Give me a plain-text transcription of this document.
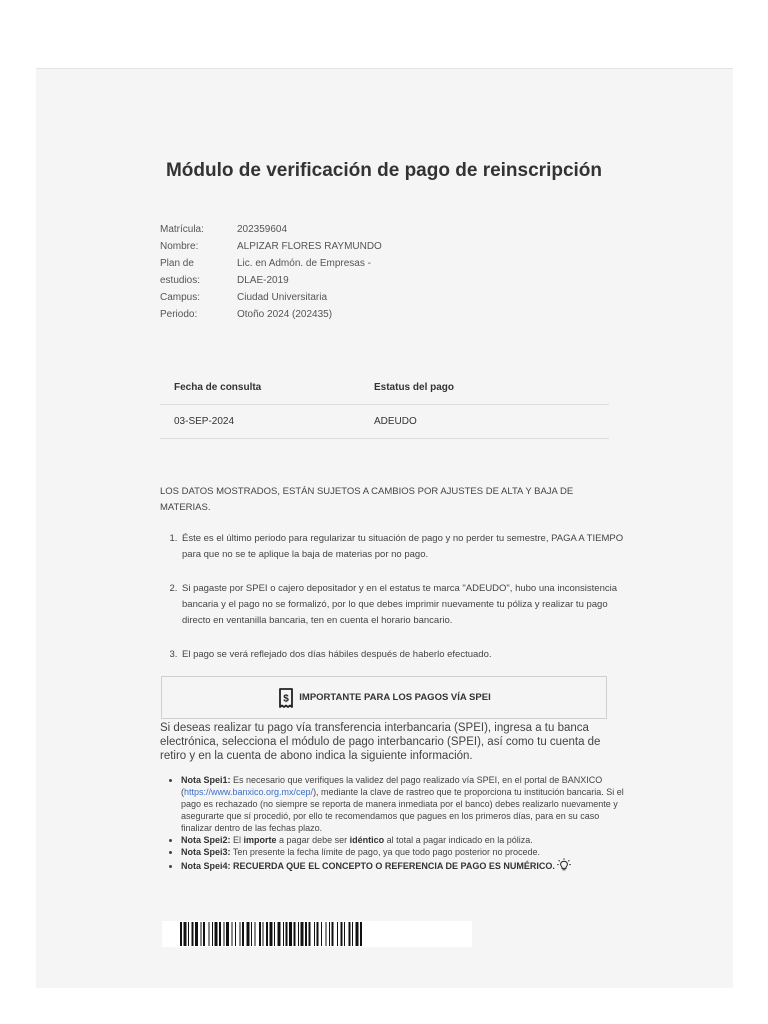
Módulo de verificación de pago de reinscripción
Matrícula:	202359604
Nombre:	ALPIZAR FLORES RAYMUNDO
Plan de	Lic. en Admón. de Empresas -
estudios:	DLAE-2019
Campus:	Ciudad Universitaria
Periodo:	Otoño 2024 (202435)
Fecha de consulta	Estatus del pago
03-SEP-2024	ADEUDO
LOS DATOS MOSTRADOS, ESTÁN SUJETOS A CAMBIOS POR AJUSTES DE ALTA Y BAJA DE MATERIAS.
1. Éste es el último periodo para regularizar tu situación de pago y no perder tu semestre, PAGA A TIEMPO para que no se te aplique la baja de materias por no pago.
2. Si pagaste por SPEI o cajero depositador y en el estatus te marca "ADEUDO", hubo una inconsistencia bancaria y el pago no se formalizó, por lo que debes imprimir nuevamente tu póliza y realizar tu pago directo en ventanilla bancaria, ten en cuenta el horario bancario.
3. El pago se verá reflejado dos días hábiles después de haberlo efectuado.
$ IMPORTANTE PARA LOS PAGOS VÍA SPEI
Si deseas realizar tu pago vía transferencia interbancaria (SPEI), ingresa a tu banca electrónica, selecciona el módulo de pago interbancario (SPEI), así como tu cuenta de retiro y en la cuenta de abono indica la siguiente información.
• Nota Spei1: Es necesario que verifiques la validez del pago realizado vía SPEI, en el portal de BANXICO (https://www.banxico.org.mx/cep/), mediante la clave de rastreo que te proporciona tu institución bancaria. Si el pago es rechazado (no siempre se reporta de manera inmediata por el banco) debes realizarlo nuevamente y asegurarte que sí procedió, por ello te recomendamos que pagues en los primeros días, para en su caso finalizar dentro de las fechas plazo.
• Nota Spei2: El importe a pagar debe ser idéntico al total a pagar indicado en la póliza.
• Nota Spei3: Ten presente la fecha límite de pago, ya que todo pago posterior no procede.
• Nota Spei4: RECUERDA QUE EL CONCEPTO O REFERENCIA DE PAGO ES NUMÉRICO.
